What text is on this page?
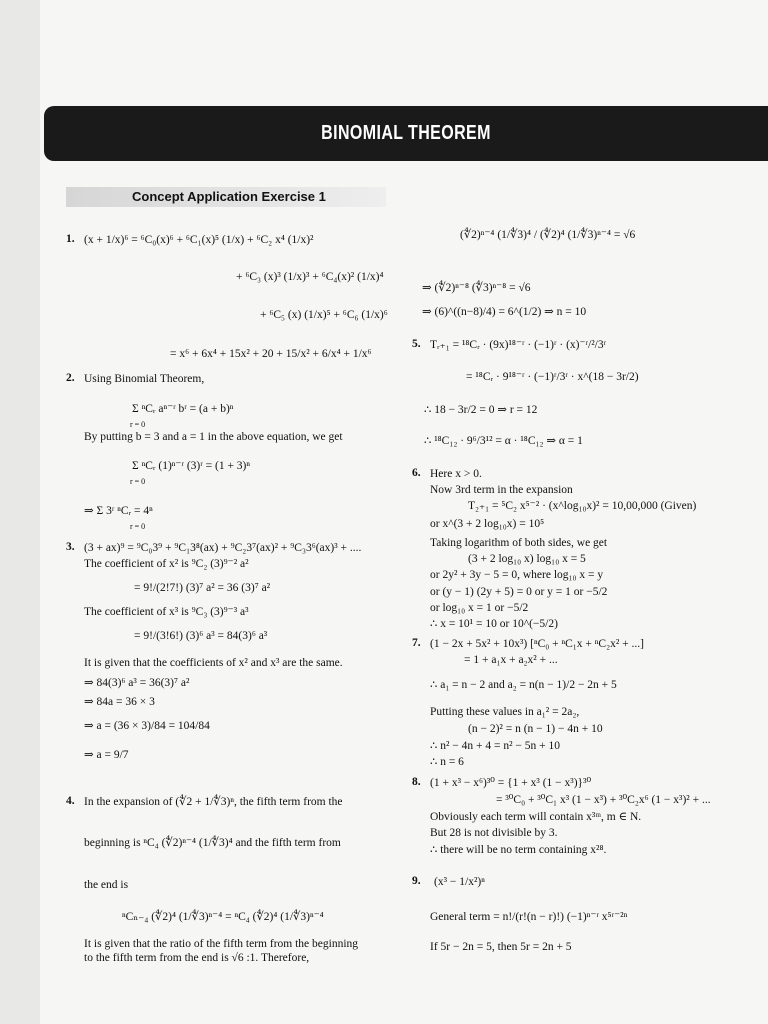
BINOMIAL THEOREM
Concept Application Exercise 1
1. (x + 1/x)⁶ = ⁶C₀(x)⁶ + ⁶C₁(x)⁵ (1/x) + ⁶C₂ x⁴ (1/x)²
+ ⁶C₃ (x)³ (1/x)³ + ⁶C₄(x)² (1/x)⁴
+ ⁶C₅ (x) (1/x)⁵ + ⁶C₆ (1/x)⁶
= x⁶ + 6x⁴ + 15x² + 20 + 15/x² + 6/x⁴ + 1/x⁶
2. Using Binomial Theorem,
Σ ⁿCᵣ aⁿ⁻ʳ bʳ = (a + b)ⁿ
r = 0
By putting b = 3 and a = 1 in the above equation, we get
Σ ⁿCᵣ (1)ⁿ⁻ʳ (3)ʳ = (1 + 3)ⁿ
r = 0
⇒ Σ 3ʳ ⁿCᵣ = 4ⁿ
r = 0
3. (3 + ax)⁹ = ⁹C₀3⁹ + ⁹C₁3⁸(ax) + ⁹C₂3⁷(ax)² + ⁹C₃3⁶(ax)³ + ....
The coefficient of x² is ⁹C₂ (3)⁹⁻² a²
= 9!/(2!7!) (3)⁷ a² = 36 (3)⁷ a²
The coefficient of x³ is ⁹C₃ (3)⁹⁻³ a³
= 9!/(3!6!) (3)⁶ a³ = 84(3)⁶ a³
It is given that the coefficients of x² and x³ are the same.
⇒ 84(3)⁶ a³ = 36(3)⁷ a²
⇒ 84a = 36 × 3
⇒ a = (36 × 3)/84 = 104/84
⇒ a = 9/7
4. In the expansion of (∜2 + 1/∜3)ⁿ, the fifth term from the
beginning is ⁿC₄ (∜2)ⁿ⁻⁴ (1/∜3)⁴ and the fifth term from
the end is
ⁿCₙ₋₄ (∜2)⁴ (1/∜3)ⁿ⁻⁴ = ⁿC₄ (∜2)⁴ (1/∜3)ⁿ⁻⁴
It is given that the ratio of the fifth term from the beginning
to the fifth term from the end is √6 :1. Therefore,
(∜2)ⁿ⁻⁴ (1/∜3)⁴ / (∜2)⁴ (1/∜3)ⁿ⁻⁴ = √6
⇒ (∜2)ⁿ⁻⁸ (∜3)ⁿ⁻⁸ = √6
⇒ (6)^((n−8)/4) = 6^(1/2) ⇒ n = 10
5. Tᵣ₊₁ = ¹⁸Cᵣ · (9x)¹⁸⁻ʳ · (−1)ʳ · (x)⁻ʳ/²/3ʳ
= ¹⁸Cᵣ · 9¹⁸⁻ʳ · (−1)ʳ/3ʳ · x^(18 − 3r/2)
∴ 18 − 3r/2 = 0 ⇒ r = 12
∴ ¹⁸C₁₂ · 9⁶/3¹² = α · ¹⁸C₁₂ ⇒ α = 1
6. Here x > 0.
Now 3rd term in the expansion
T₂₊₁ = ⁵C₂ x⁵⁻² · (x^log₁₀x)² = 10,00,000 (Given)
or x^(3 + 2 log₁₀x) = 10⁵
Taking logarithm of both sides, we get
(3 + 2 log₁₀ x) log₁₀ x = 5
or 2y² + 3y − 5 = 0, where log₁₀ x = y
or (y − 1) (2y + 5) = 0 or y = 1 or −5/2
or log₁₀ x = 1 or −5/2
∴ x = 10¹ = 10 or 10^(−5/2)
7. (1 − 2x + 5x² + 10x³) [ⁿC₀ + ⁿC₁x + ⁿC₂x² + ...]
= 1 + a₁x + a₂x² + ...
∴ a₁ = n − 2 and a₂ = n(n − 1)/2 − 2n + 5
Putting these values in a₁² = 2a₂,
(n − 2)² = n (n − 1) − 4n + 10
∴ n² − 4n + 4 = n² − 5n + 10
∴ n = 6
8. (1 + x³ − x⁶)³⁰ = {1 + x³ (1 − x³)}³⁰
= ³⁰C₀ + ³⁰C₁ x³ (1 − x³) + ³⁰C₂x⁶ (1 − x³)² + ...
Obviously each term will contain x³ᵐ, m ∈ N.
But 28 is not divisible by 3.
∴ there will be no term containing x²⁸.
9. (x³ − 1/x²)ⁿ
General term = n!/(r!(n − r)!) (−1)ⁿ⁻ʳ x⁵ʳ⁻²ⁿ
If 5r − 2n = 5, then 5r = 2n + 5
